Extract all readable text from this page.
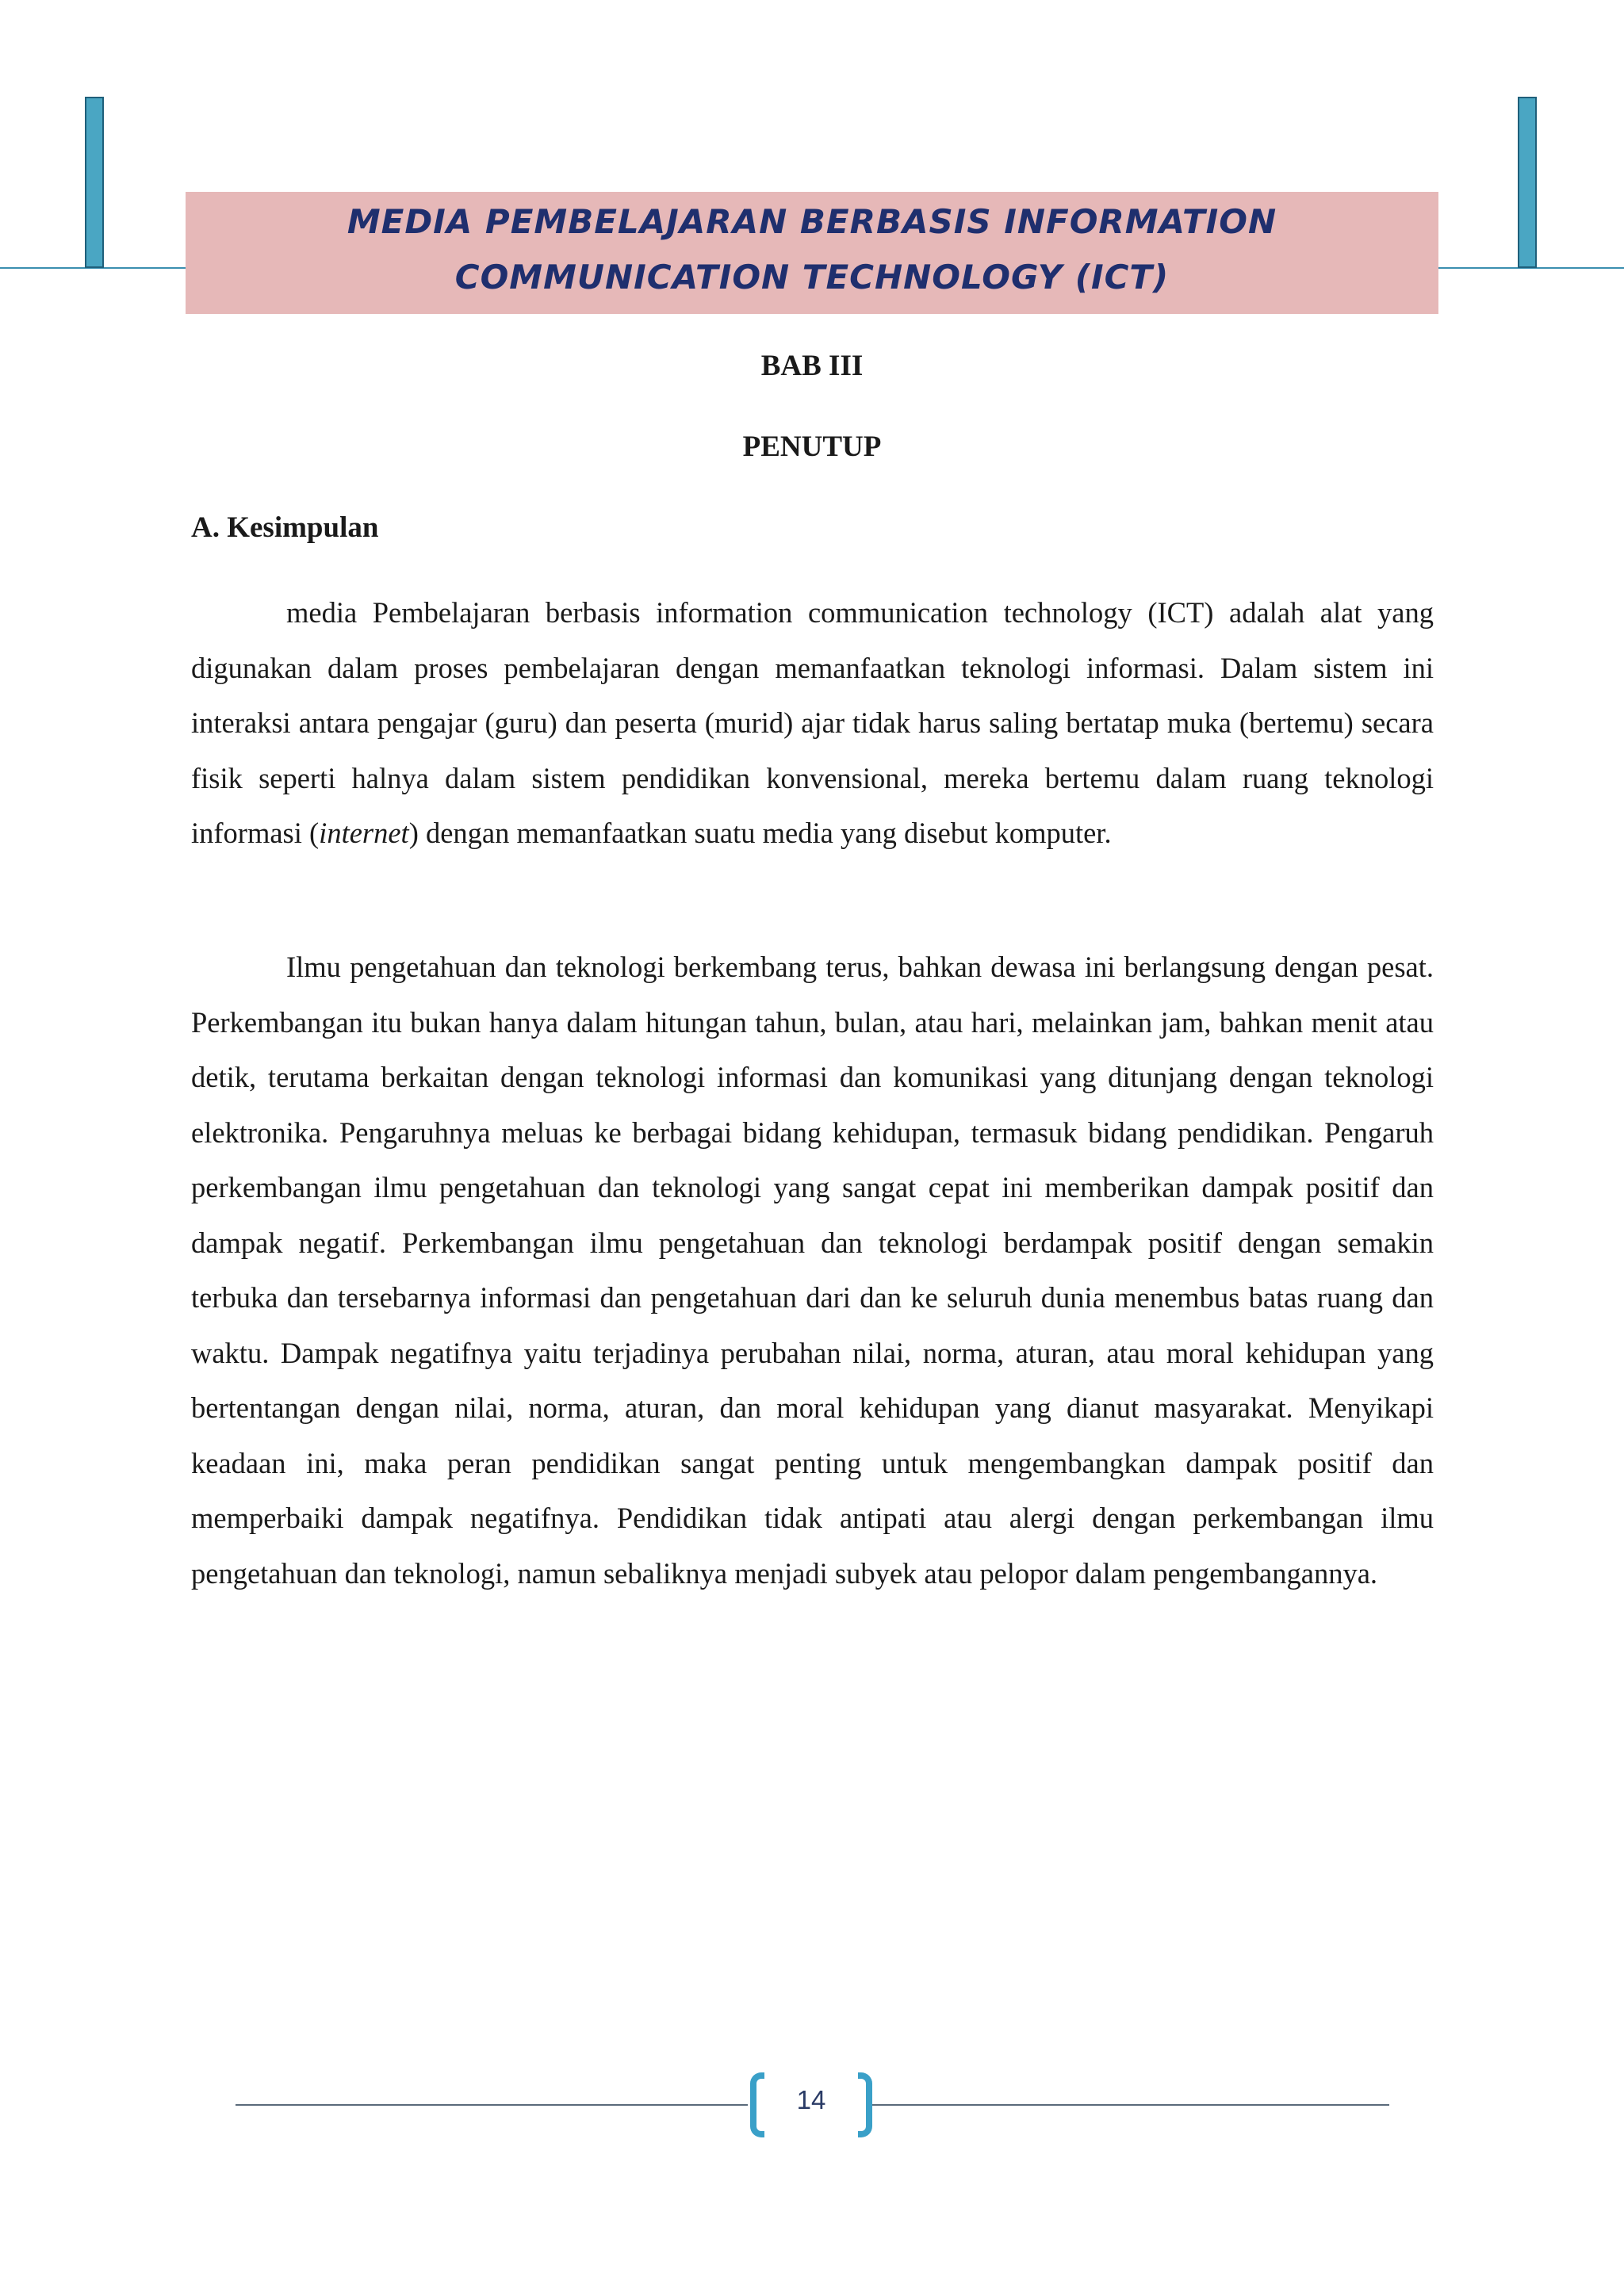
MEDIA PEMBELAJARAN BERBASIS INFORMATION
COMMUNICATION TECHNOLOGY (ICT)
BAB III
PENUTUP
A. Kesimpulan

media Pembelajaran berbasis information communication technology (ICT) adalah alat yang digunakan dalam proses pembelajaran dengan memanfaatkan teknologi informasi. Dalam sistem ini interaksi antara pengajar (guru) dan peserta (murid) ajar tidak harus saling bertatap muka (bertemu) secara fisik seperti halnya dalam sistem pendidikan konvensional, mereka bertemu dalam ruang teknologi informasi (internet) dengan memanfaatkan suatu media yang disebut komputer.

Ilmu pengetahuan dan teknologi berkembang terus, bahkan dewasa ini berlangsung dengan pesat. Perkembangan itu bukan hanya dalam hitungan tahun, bulan, atau hari, melainkan jam, bahkan menit atau detik, terutama berkaitan dengan teknologi informasi dan komunikasi yang ditunjang dengan teknologi elektronika. Pengaruhnya meluas ke berbagai bidang kehidupan, termasuk bidang pendidikan. Pengaruh perkembangan ilmu pengetahuan dan teknologi yang sangat cepat ini memberikan dampak positif dan dampak negatif. Perkembangan ilmu pengetahuan dan teknologi berdampak positif dengan semakin terbuka dan tersebarnya informasi dan pengetahuan dari dan ke seluruh dunia menembus batas ruang dan waktu. Dampak negatifnya yaitu terjadinya perubahan nilai, norma, aturan, atau moral kehidupan yang bertentangan dengan nilai, norma, aturan, dan moral kehidupan yang dianut masyarakat. Menyikapi keadaan ini, maka peran pendidikan sangat penting untuk mengembangkan dampak positif dan memperbaiki dampak negatifnya. Pendidikan tidak antipati atau alergi dengan perkembangan ilmu pengetahuan dan teknologi, namun sebaliknya menjadi subyek atau pelopor dalam pengembangannya.

14
